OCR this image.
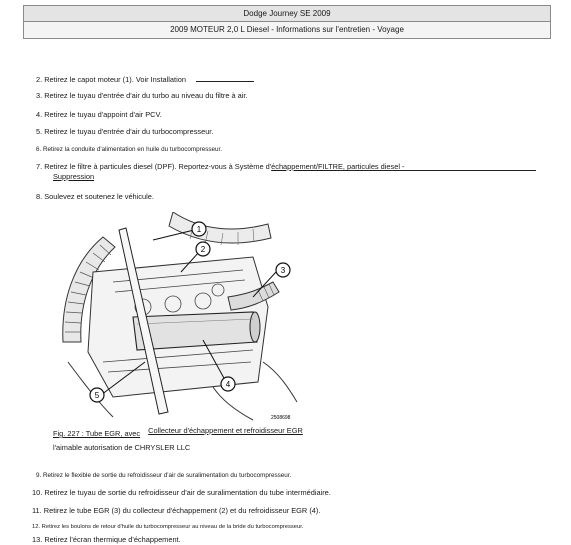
Dodge Journey SE 2009
2009 MOTEUR 2,0 L Diesel - Informations sur l'entretien - Voyage
2. Retirez le capot moteur (1). Voir Installation
3. Retirez le tuyau d'entrée d'air du turbo au niveau du filtre à air.
4. Retirez le tuyau d'appoint d'air PCV.
5. Retirez le tuyau d'entrée d'air du turbocompresseur.
6. Retirez la conduite d'alimentation en huile du turbocompresseur.
7. Retirez le filtre à particules diesel (DPF). Reportez-vous à Système d'échappement/FILTRE, particules diesel -
Suppression
8. Soulevez et soutenez le véhicule.
1
2
3
4
5
2508698
Fig. 227 : Tube EGR, avec Collecteur d'échappement et refroidisseur EGR
l'aimable autorisation de CHRYSLER LLC
9. Retirez le flexible de sortie du refroidisseur d'air de suralimentation du turbocompresseur.
10. Retirez le tuyau de sortie du refroidisseur d'air de suralimentation du tube intermédiaire.
11. Retirez le tube EGR (3) du collecteur d'échappement (2) et du refroidisseur EGR (4).
12. Retirez les boulons de retour d'huile du turbocompresseur au niveau de la bride du turbocompresseur.
13. Retirez l'écran thermique d'échappement.
